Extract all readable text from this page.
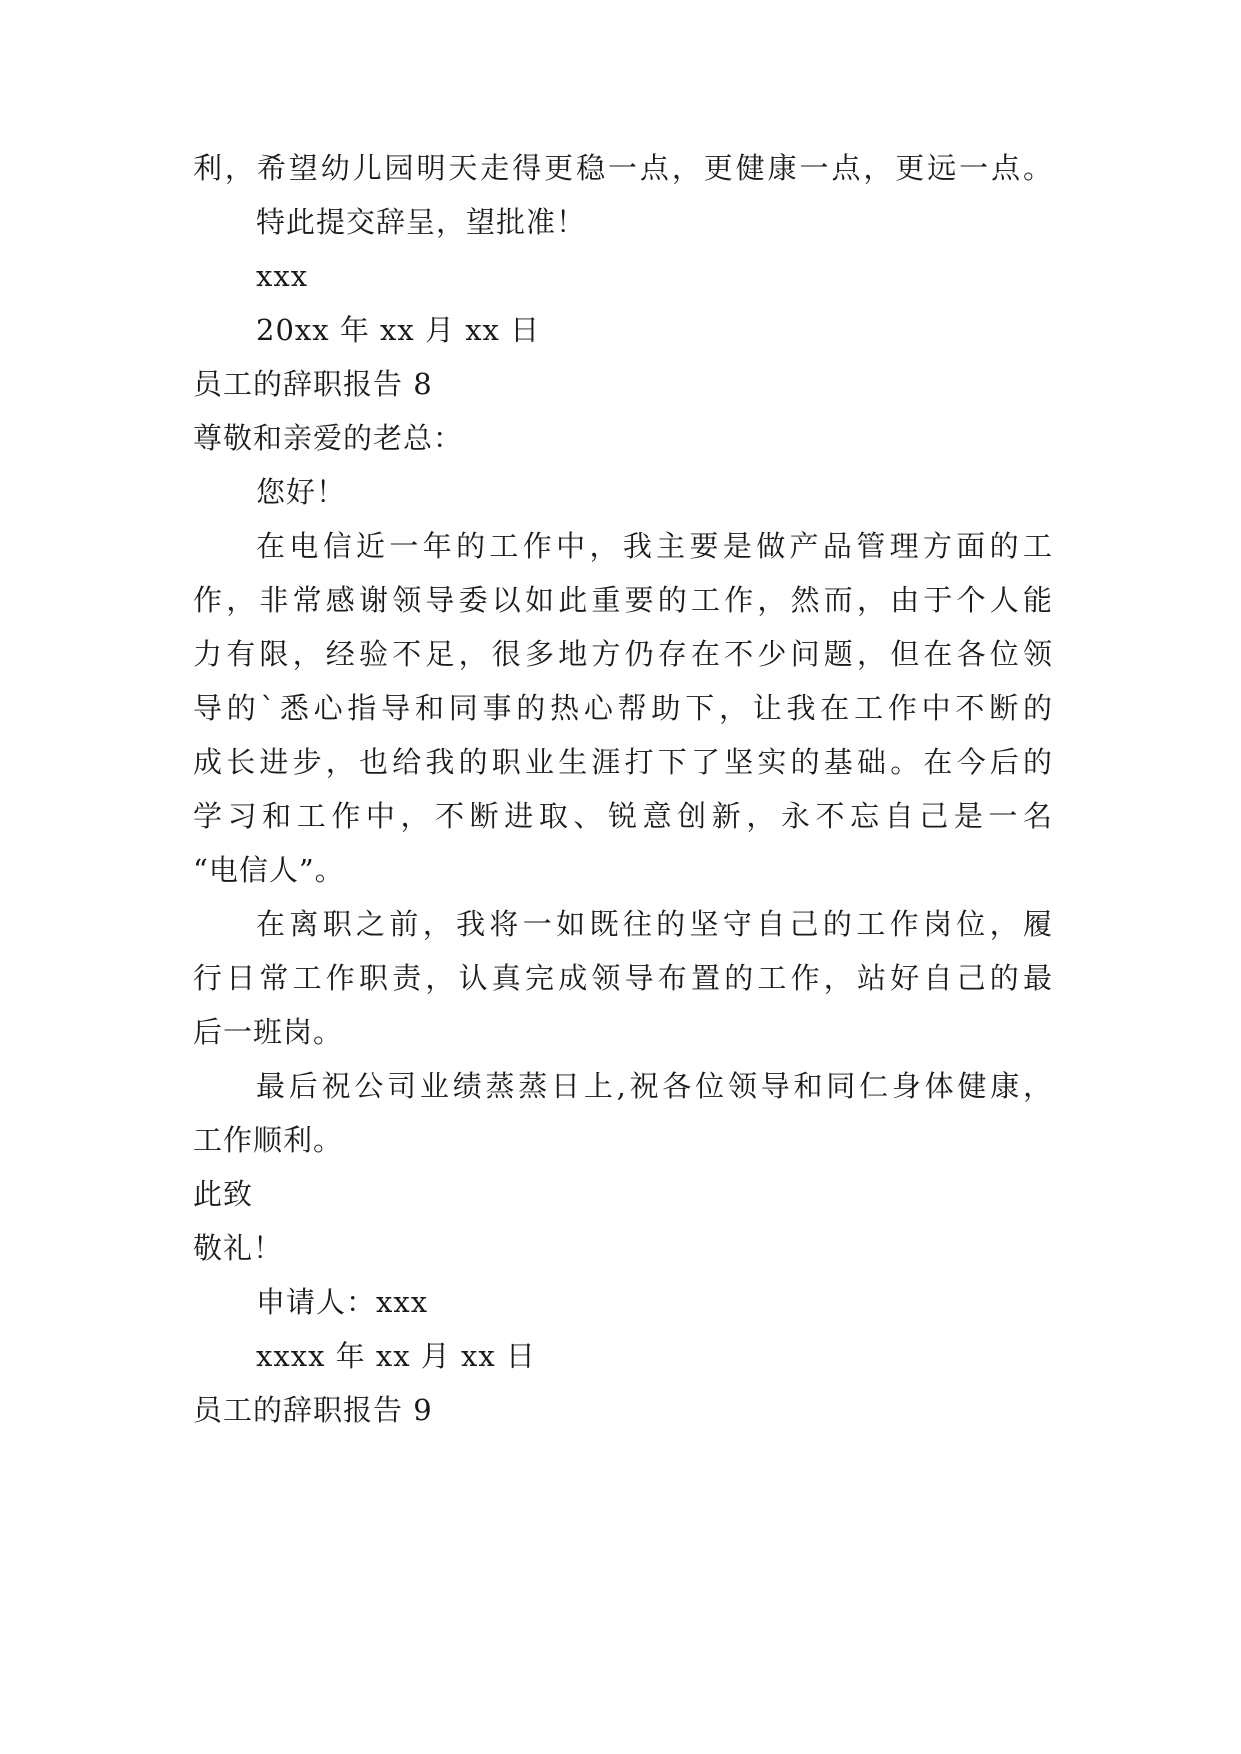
利，希望幼儿园明天走得更稳一点，更健康一点，更远一点。
特此提交辞呈，望批准！
xxx
20xx 年 xx 月 xx 日
员工的辞职报告 8
尊敬和亲爱的老总：
您好！
在电信近一年的工作中，我主要是做产品管理方面的工
作，非常感谢领导委以如此重要的工作，然而，由于个人能
力有限，经验不足，很多地方仍存在不少问题，但在各位领
导的`悉心指导和同事的热心帮助下，让我在工作中不断的
成长进步，也给我的职业生涯打下了坚实的基础。在今后的
学习和工作中，不断进取、锐意创新，永不忘自己是一名
“电信人”。
在离职之前，我将一如既往的坚守自己的工作岗位，履
行日常工作职责，认真完成领导布置的工作，站好自己的最
后一班岗。
最后祝公司业绩蒸蒸日上,祝各位领导和同仁身体健康，
工作顺利。
此致
敬礼！
申请人：xxx
xxxx 年 xx 月 xx 日
员工的辞职报告 9
